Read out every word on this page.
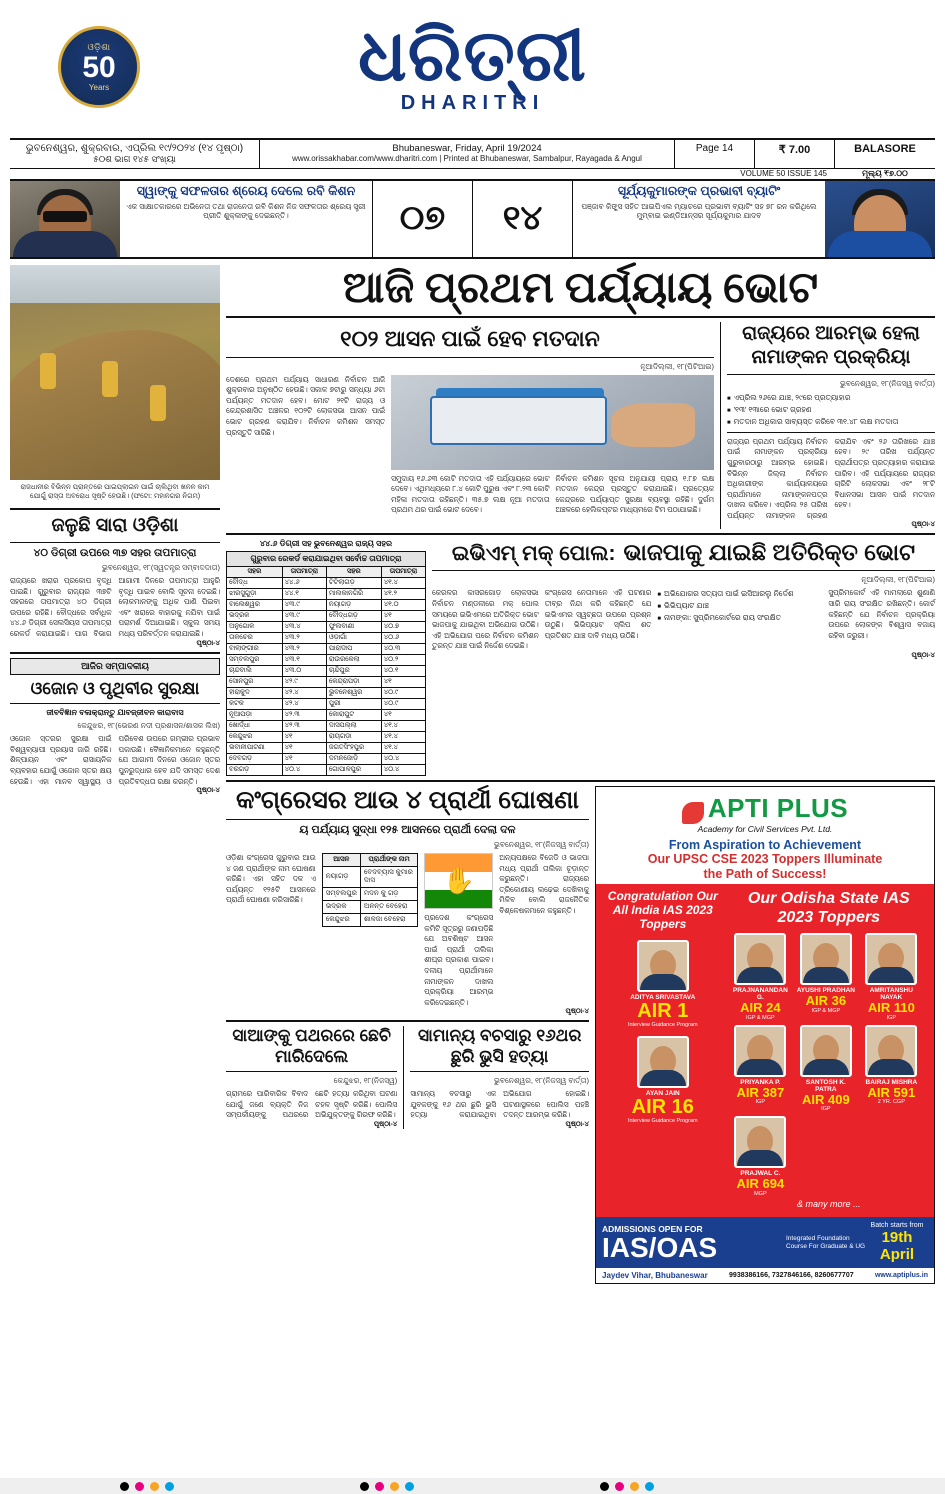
ଓଡ଼ିଶା
50
Years	ଧରିତ୍ରୀ
DHARITRI
ଭୁବନେଶ୍ୱର, ଶୁକ୍ରବାର, ଏପ୍ରିଲ ୧୯/୨୦୨୪ (୧୪ ପୃଷ୍ଠା)
୫୦ଶ ଭାଗ ୧୪୫ ସଂଖ୍ୟା
Bhubaneswar, Friday, April 19/2024
www.orissakhabar.com/www.dharitri.com | Printed at Bhubaneswar, Sambalpur, Rayagada & Angul
Page 14	₹ 7.00	BALASORE
VOLUME 50 ISSUE 145	ମୂଲ୍ୟ ₹୭.୦୦
ସ୍ୱାଙ୍କୁ ସଫଳତାର ଶ୍ରେୟ ଦେଲେ ରବି କିଶନ
ଏକ ସାକ୍ଷାତକାରରେ ଅଭିନେତା ତଥା ରାଜନେତା ରବି କିଶନ ନିଜ ସଫଳତାର ଶ୍ରେୟ ସ୍ତ୍ରୀ ପ୍ରୀତି ଶୁକ୍ଳାଙ୍କୁ ଦେଇଛନ୍ତି।	୦୭	୧୪
ସୂର୍ଯ୍ୟକୁମାରଙ୍କ ପ୍ରଭାବୀ ବ୍ୟାଟିଂ
ପଞ୍ଜାବ କିଙ୍ଗ୍ସ ସହିତ ଆଇପିଏଲ ମ୍ୟାଚରେ ପ୍ରଭାବୀ ବ୍ୟାଟିଂ ସହ ୭୮ ରନ କରିଥିଲେ ମୁମ୍ବାଇ ଇଣ୍ଡିଆନ୍ସର ସୂର୍ଯ୍ୟକୁମାର ଯାଦବ
ରାଜଧାନୀର ବିଭିନ୍ନ ପ୍ରାନ୍ତରେ ପାଇପ୍‌ଲାଇନ ପାଇଁ ଚାଲିଥିବା ଖନନ କାମ ଯୋଗୁଁ ରାସ୍ତା ଅବରୋଧ ସୃଷ୍ଟି ହେଉଛି। (ଫଟୋ: ମହାନଗର ନିଗମ)
ଜଳୁଛି ସାରା ଓଡ଼ିଶା
୪୦ ଡିଗ୍ରୀ ଉପରେ ୩୭ ସହର ତାପମାତ୍ରା
ଭୁବନେଶ୍ୱର, ୧୮(ସ୍ୱତନ୍ତ୍ର ସମ୍ବାଦଦାତା)
ରାଜ୍ୟରେ ଖରାର ପ୍ରକୋପ ବୃଦ୍ଧି ପାଇଛି। ଗୁରୁବାର ରାଜ୍ୟର ୩୭ଟି ସହରରେ ତାପମାତ୍ରା ୪୦ ଡିଗ୍ରୀ ଉପରେ ରହିଛି। ବୌଦ୍ଧରେ ସର୍ବାଧିକ ୪୪.୬ ଡିଗ୍ରୀ ସେଲସିୟସ ତାପମାତ୍ରା ରେକର୍ଡ କରାଯାଇଛି। ପାଗ ବିଭାଗ ଆଗାମୀ ଦିନରେ ତାପମାତ୍ରା ଆହୁରି ବୃଦ୍ଧି ପାଇବ ବୋଲି ସୂଚନା ଦେଇଛି। ଲୋକମାନଙ୍କୁ ଅଧିକ ପାଣି ପିଇବା ଏବଂ ଖରାରେ ବାହାରକୁ ନଯିବା ପାଇଁ ପରାମର୍ଶ ଦିଆଯାଇଛି। ସ୍କୁଲ ସମୟ ମଧ୍ୟ ପରିବର୍ତ୍ତନ କରାଯାଇଛି।
ପୃଷ୍ଠା-୪
ଆଜିର ସମ୍ପାଦକୀୟ
ଓଜୋନ ଓ ପୃଥିବୀର ସୁରକ୍ଷା
ଜୀବବିଜ୍ଞାନ ବଳାକ୍ରାନ୍ତୁ ଯାବଜ୍ଜୀବନ କାରାବାସ
କେନ୍ଦୁଝର, ୧୮(ଭେରଣ ନଦୀ ପ୍ରଶାସନ/ଶାସକ ଲିଖ)
ଓଜୋନ ସ୍ତରର ସୁରକ୍ଷା ପାଇଁ ବିଶ୍ୱବ୍ୟାପୀ ପ୍ରୟାସ ଜାରି ରହିଛି। ଶିଳ୍ପାୟନ ଏବଂ ରାସାୟନିକ ବ୍ୟବହାର ଯୋଗୁଁ ଓଜୋନ ସ୍ତର କ୍ଷୟ ହେଉଛି। ଏହା ମାନବ ସ୍ୱାସ୍ଥ୍ୟ ଓ ପରିବେଶ ଉପରେ ଗମ୍ଭୀର ପ୍ରଭାବ ପକାଉଛି। ବୈଜ୍ଞାନିକମାନେ କହୁଛନ୍ତି ଯେ ଆଗାମୀ ଦିନରେ ଓଜୋନ ସ୍ତର ପୁନରୁଦ୍ଧାର ହେବ ଯଦି ସମସ୍ତ ଦେଶ ପ୍ରତିବଦ୍ଧତା ରକ୍ଷା କରନ୍ତି।
ପୃଷ୍ଠା-୪
ଆଜି ପ୍ରଥମ ପର୍ଯ୍ୟାୟ ଭୋଟ
୧୦୨ ଆସନ ପାଇଁ ହେବ ମତଦାନ
ନୂଆଦିଲ୍ଲୀ, ୧୮(ପିଟିଆଇ)
ଦେଶରେ ପ୍ରଥମ ପର୍ଯ୍ୟାୟ ସାଧାରଣ ନିର୍ବାଚନ ଆଜି ଶୁକ୍ରବାର ଅନୁଷ୍ଠିତ ହେଉଛି। ସକାଳ ୭ଟାରୁ ସନ୍ଧ୍ୟା ୬ଟା ପର୍ଯ୍ୟନ୍ତ ମତଦାନ ହେବ। ମୋଟ ୨୧ଟି ରାଜ୍ୟ ଓ କେନ୍ଦ୍ରଶାସିତ ଅଞ୍ଚଳର ୧୦୨ଟି ଲୋକସଭା ଆସନ ପାଇଁ ଭୋଟ ଗ୍ରହଣ କରାଯିବ। ନିର୍ବାଚନ କମିଶନ ସମସ୍ତ ପ୍ରସ୍ତୁତି ସାରିଛି।
ସମୁଦାୟ ୧୬.୬୩ କୋଟି ମତଦାତା ଏହି ପର୍ଯ୍ୟାୟରେ ଭୋଟ ଦେବେ। ଏଥିମଧ୍ୟରେ ୮.୪ କୋଟି ପୁରୁଷ ଏବଂ ୮.୨୩ କୋଟି ମହିଳା ମତଦାତା ରହିଛନ୍ତି। ୩୫.୭ ଲକ୍ଷ ନୂଆ ମତଦାତା ପ୍ରଥମ ଥର ପାଇଁ ଭୋଟ ଦେବେ।
ନିର୍ବାଚନ କମିଶନ ସୂଚନା ଅନୁଯାୟୀ ପ୍ରାୟ ୧.୮୭ ଲକ୍ଷ ମତଦାନ କେନ୍ଦ୍ର ପ୍ରସ୍ତୁତ କରାଯାଇଛି। ପ୍ରତ୍ୟେକ କେନ୍ଦ୍ରରେ ପର୍ଯ୍ୟାପ୍ତ ସୁରକ୍ଷା ବ୍ୟବସ୍ଥା ରହିଛି। ଦୁର୍ଗମ ଅଞ୍ଚଳରେ ହେଲିକପ୍ଟର ମାଧ୍ୟମରେ ଟିମ ପଠାଯାଇଛି।
ରାଜ୍ୟରେ ଆରମ୍ଭ ହେଲା ନାମାଙ୍କନ ପ୍ରକ୍ରିୟା
ଭୁବନେଶ୍ୱର, ୧୮(ନିଜସ୍ୱ ବାର୍ତ୍ତା)
■ ଏପ୍ରିଲ ୨୬ରେ ଯାଞ୍ଚ, ୨୯ରେ ପ୍ରତ୍ୟାହାର
■ '୧୩' ୧୩ାରେ ଭୋଟ ଗ୍ରହଣ
■ ମତଦାନ ଅଧିକାର ସାବ୍ୟସ୍ତ କରିବେ ୩୧.୪୮ ଲକ୍ଷ ମତଦାତା
ରାଜ୍ୟର ପ୍ରଥମ ପର୍ଯ୍ୟାୟ ନିର୍ବାଚନ ପାଇଁ ନାମାଙ୍କନ ପ୍ରକ୍ରିୟା ଗୁରୁବାରଠାରୁ ଆରମ୍ଭ ହୋଇଛି। ବିଭିନ୍ନ ଜିଲ୍ଲା ନିର୍ବାଚନ ଅଧିକାରୀଙ୍କ କାର୍ଯ୍ୟାଳୟରେ ପ୍ରାର୍ଥୀମାନେ ନାମାଙ୍କନପତ୍ର ଦାଖଲ କରିବେ। ଏପ୍ରିଲ ୨୫ ତାରିଖ ପର୍ଯ୍ୟନ୍ତ ନାମାଙ୍କନ ଗ୍ରହଣ କରାଯିବ ଏବଂ ୨୬ ତାରିଖରେ ଯାଞ୍ଚ ହେବ। ୨୯ ତାରିଖ ପର୍ଯ୍ୟନ୍ତ ପ୍ରାର୍ଥୀପତ୍ର ପ୍ରତ୍ୟାହାର କରାଯାଇ ପାରିବ। ଏହି ପର୍ଯ୍ୟାୟରେ ରାଜ୍ୟର ଚାରିଟି ଲୋକସଭା ଏବଂ ୨୮ଟି ବିଧାନସଭା ଆସନ ପାଇଁ ମତଦାନ ହେବ।
ପୃଷ୍ଠା-୪
୪୪.୬ ଡିଗ୍ରୀ ସହ ଭୁବନେଶ୍ୱର ରାଜ୍ୟ ସହର
ଗୁରୁବାର ରେକର୍ଡ କରାଯାଇଥିବା ସର୍ବୋଚ୍ଚ ତାପମାତ୍ରା
ସହର	ତାପମାତ୍ରା	ସହର	ତାପମାତ୍ରା
ବୌଦ୍ଧ	୪୪.୬	ଟିଟିଲାଗଡ଼	୪୧.୪
ଝାରସୁଗୁଡ଼ା	୪୪.୧	ମାଲକାନଗିରି	୪୧.୨
ବାଲେଶ୍ୱର	୪୩.୯	ନୟାଗଡ଼	୪୧.୦
ଭଦ୍ରକ	୪୩.୯	ବୌଦ୍ଧଗଡ଼	୪୧
ଅନୁଗୋଳ	୪୩.୪	ଫୁଲବାଣୀ	୪୦.୭
ତାଳଚେର	୪୩.୨	ଓଡ଼ାଗାଁ	୪୦.୬
ବାଲାଙ୍ଗୀର	୪୩.୨	ପାରାଦୀପ	୪୦.୩
ସମ୍ବଲପୁର	୪୩.୧	ରାଉରକେଲା	୪୦.୨
ଚାନ୍ଦବାଲି	୪୩.୦	ଚାନ୍ଦିପୁର	୪୦.୧
ସୋନପୁର	୪୨.୯	କେନ୍ଦ୍ରାପଡ଼ା	୪୧
ହୀରାକୁଦ	୪୨.୪	ଭୁବନେଶ୍ୱର	୪୦.୯
କଟକ	୪୨.୪	ପୁରୀ	୪୦.୯
ନୂଆପଡ଼ା	୪୨.୩	କୋରାପୁଟ	୪୧
ଖୋର୍ଦ୍ଧା	୪୨.୩	ଦାସପଲ୍ଲା	୪୧.୪
କେନ୍ଦୁଝର	୪୧	ରାୟଗଡ଼ା	୪୧.୪
ଭବାନୀପାଟଣା	୪୧	ଜଗତସିଂହପୁର	୪୧.୪
ଦେବଗଡ଼	୪୧	ଦମନଜୋଡ଼ି	୪୦.୪
ବରଗଡ଼	୪୦.୪	ଗୋପାଳପୁର	୪୦.୪
ଇଭିଏମ୍ ମକ୍ ପୋଲ: ଭାଜପାକୁ ଯାଇଛି ଅତିରିକ୍ତ ଭୋଟ
ନୂଆଦିଲ୍ଲୀ, ୧୮(ପିଟିଆଇ)
କେରଳର କାସରଗୋଡ଼ ଲୋକସଭା ନିର୍ବାଚନ ମଣ୍ଡଳୀରେ ମକ୍ ପୋଲ ସମୟରେ ଇଭିଏମରେ ଅତିରିକ୍ତ ଭୋଟ ଭାଜପାକୁ ଯାଇଥିବା ଅଭିଯୋଗ ଉଠିଛି। ଏହି ଅଭିଯୋଗ ପରେ ନିର୍ବାଚନ କମିଶନ ତୁରନ୍ତ ଯାଞ୍ଚ ପାଇଁ ନିର୍ଦ୍ଦେଶ ଦେଇଛି।
କଂଗ୍ରେସ ନେତାମାନେ ଏହି ଘଟଣାର ତୀବ୍ର ନିନ୍ଦା କରି କହିଛନ୍ତି ଯେ ଇଭିଏମର ସ୍ୱଚ୍ଛତା ଉପରେ ପ୍ରଶ୍ନ ଉଠୁଛି। ଭିଭିପ୍ୟାଟ ସ୍ଲିପ ଶତ ପ୍ରତିଶତ ଯାଞ୍ଚ ଦାବି ମଧ୍ୟ ଉଠିଛି।
■ ଅଭିଯୋଗର ସତ୍ୟତା ପାଇଁ ଇସିଆରଲୁ ନିର୍ଦେଶ
■ ଭିଭିପ୍ୟାଟ ଯାଞ୍ଚ
■ ନାମଙ୍କା: ସୁପ୍ରିମକୋର୍ଟରେ ରାୟ ସଂରକ୍ଷିତ
ସୁପ୍ରିମକୋର୍ଟ ଏହି ମାମଲାରେ ଶୁଣାଣି ସାରି ରାୟ ସଂରକ୍ଷିତ ରଖିଛନ୍ତି। କୋର୍ଟ କହିଛନ୍ତି ଯେ ନିର୍ବାଚନ ପ୍ରକ୍ରିୟା ଉପରେ ଲୋକଙ୍କ ବିଶ୍ୱାସ ବଜାୟ ରହିବା ଜରୁରୀ।
ପୃଷ୍ଠା-୪
କଂଗ୍ରେସର ଆଉ ୪ ପ୍ରାର୍ଥୀ ଘୋଷଣା
ୟ ପର୍ଯ୍ୟାୟ ସୁଦ୍ଧା ୧୨୫ ଆସନରେ ପ୍ରାର୍ଥୀ ଦେଲା ଦଳ
ଭୁବନେଶ୍ୱର, ୧୮(ନିଜସ୍ୱ ବାର୍ତ୍ତା)
ଓଡ଼ିଶା କଂଗ୍ରେସ ଗୁରୁବାର ଆଉ ୪ ଜଣ ପ୍ରାର୍ଥୀଙ୍କ ନାମ ଘୋଷଣା କରିଛି। ଏହା ସହିତ ଦଳ ଏ ପର୍ଯ୍ୟନ୍ତ ୧୨୫ଟି ଆସନରେ ପ୍ରାର୍ଥୀ ଘୋଷଣା କରିସାରିଛି।
ଆସନ	ପ୍ରାର୍ଥୀଙ୍କ ନାମ
ନୟାଗଡ଼	ବେଦବ୍ୟାସ କୁମାର ଦାସ
ସମ୍ବଲପୁର	ମଦନ କୁ ଗଡ଼
ଭଦ୍ରକ	ଅନନ୍ତ ବେହେରା
କେନ୍ଦୁଝର	ଶାଳଜା ବେହେରା
✋
ପ୍ରଦେଶ କଂଗ୍ରେସ କମିଟି ସୂତ୍ରରୁ ଜଣାପଡ଼ିଛି ଯେ ଅବଶିଷ୍ଟ ଆସନ ପାଇଁ ପ୍ରାର୍ଥୀ ତାଲିକା ଶୀଘ୍ର ପ୍ରକାଶ ପାଇବ। ଦଳୀୟ ପ୍ରାର୍ଥୀମାନେ ନାମାଙ୍କନ ଦାଖଲ ପ୍ରକ୍ରିୟା ଆରମ୍ଭ କରିଦେଇଛନ୍ତି।
ଅନ୍ୟପକ୍ଷରେ ବିଜେଡି ଓ ଭାଜପା ମଧ୍ୟ ପ୍ରାର୍ଥୀ ତାଲିକା ଚୂଡ଼ାନ୍ତ କରୁଛନ୍ତି। ରାଜ୍ୟରେ ତ୍ରିକୋଣୀୟ ଲଢ଼େଇ ଦେଖିବାକୁ ମିଳିବ ବୋଲି ରାଜନୈତିକ ବିଶ୍ଳେଷକମାନେ କହୁଛନ୍ତି।
ପୃଷ୍ଠା-୪
ସାଆଙ୍କୁ ପଥରରେ ଛେଚି ମାରିଦେଲେ
କେନ୍ଦୁଝର, ୧୮(ନିଜସ୍ୱ)
ଗ୍ରାମରେ ପାରିବାରିକ ବିବାଦ ଯୋଗୁଁ ଜଣେ ବ୍ୟକ୍ତି ନିଜ ସମ୍ପର୍କୀୟଙ୍କୁ ପଥରରେ ଛେଚି ହତ୍ୟା କରିଥିବା ଘଟଣା ଚହଳ ସୃଷ୍ଟି କରିଛି। ପୋଲିସ ଅଭିଯୁକ୍ତଙ୍କୁ ଗିରଫ କରିଛି।
ପୃଷ୍ଠା-୪
ସାମାନ୍ୟ ବଚସାରୁ ୧୬ଥର ଛୁରି ଭୁସି ହତ୍ୟା
ଭୁବନେଶ୍ୱର, ୧୮(ନିଜସ୍ୱ ବାର୍ତ୍ତା)
ସାମାନ୍ୟ ବଚସାରୁ ଏକ ଯୁବକଙ୍କୁ ୧୬ ଥର ଛୁରି ଭୁସି ହତ୍ୟା କରାଯାଇଥିବା ଅଭିଯୋଗ ହୋଇଛି। ଘଟଣାସ୍ଥଳରେ ପୋଲିସ ପହଞ୍ଚି ତଦନ୍ତ ଆରମ୍ଭ କରିଛି।
ପୃଷ୍ଠା-୪
APTI PLUS
Academy for Civil Services Pvt. Ltd.
From Aspiration to Achievement
Our UPSC CSE 2023 Toppers Illuminate
the Path of Success!
Congratulation Our All India IAS 2023 Toppers
ADITYA SRIVASTAVA
AIR 1
Interview Guidance Program
AYAN JAIN
AIR 16
Interview Guidance Program
Our Odisha State IAS 2023 Toppers
PRAJNANANDAN G.
AIR 24
IGP & MGP
AYUSHI PRADHAN
AIR 36
IGP & MGP
AMRITANSHU NAYAK
AIR 110
IGP
PRIYANKA P.
AIR 387
IGP
SANTOSH K. PATRA
AIR 409
IGP
BAIRAJ MISHRA
AIR 591
2 YR. CGP
PRAJWAL C.
AIR 694
MGP
& many more ...
ADMISSIONS OPEN FOR
IAS/OAS	Integrated Foundation Course For Graduate & UG
Batch starts from
19th April
Jaydev Vihar, Bhubaneswar	9938386166, 7327846166, 8260677707	www.aptiplus.in
